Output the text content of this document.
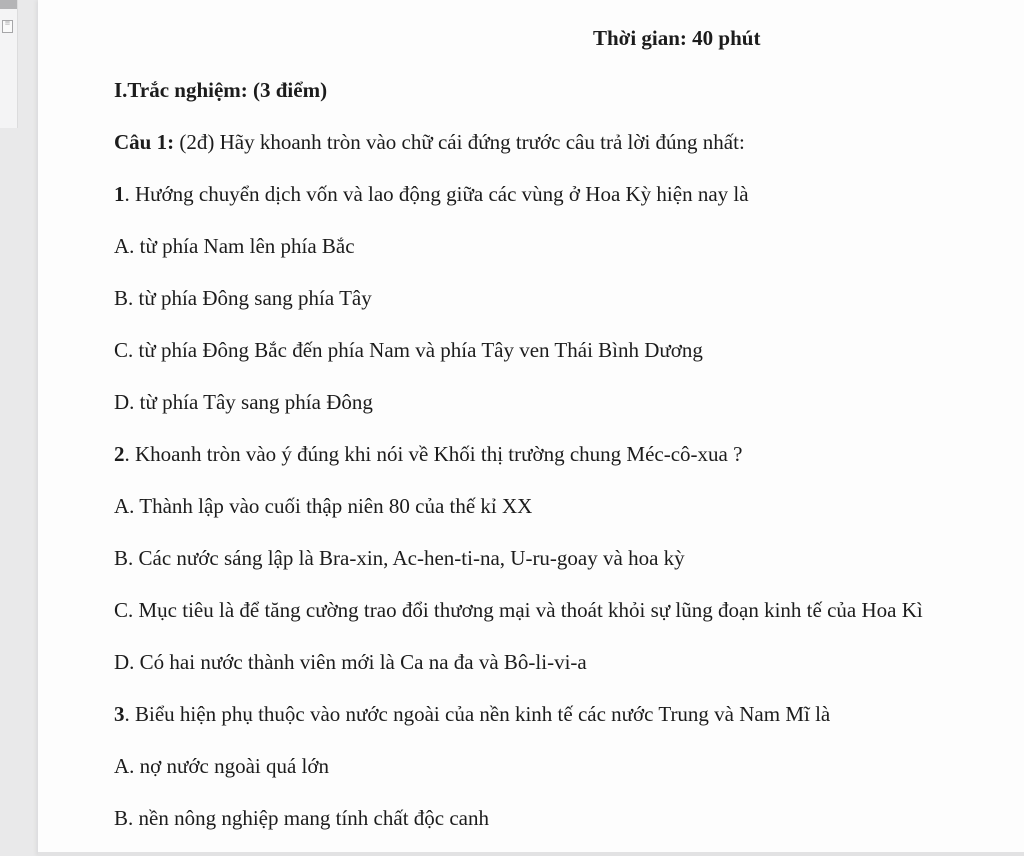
≡
Thời gian: 40 phút
I.Trắc nghiệm: (3 điểm)
Câu 1: (2đ) Hãy khoanh tròn vào chữ cái đứng trước câu trả lời đúng nhất:
1. Hướng chuyển dịch vốn và lao động giữa các vùng ở Hoa Kỳ hiện nay là
A. từ phía Nam lên phía Bắc
B. từ phía Đông sang phía Tây
C. từ phía Đông Bắc đến phía Nam và phía Tây ven Thái Bình Dương
D. từ phía Tây sang phía Đông
2. Khoanh tròn vào ý đúng khi nói về Khối thị trường chung Méc-cô-xua ?
A. Thành lập vào cuối thập niên 80 của thế kỉ XX
B. Các nước sáng lập là Bra-xin, Ac-hen-ti-na, U-ru-goay và hoa kỳ
C. Mục tiêu là để tăng cường trao đổi thương mại và thoát khỏi sự lũng đoạn kinh tế của Hoa Kì
D. Có hai nước thành viên mới là Ca na đa và Bô-li-vi-a
3. Biểu hiện phụ thuộc vào nước ngoài của nền kinh tế các nước Trung và Nam Mĩ là
A. nợ nước ngoài quá lớn
B. nền nông nghiệp mang tính chất độc canh
